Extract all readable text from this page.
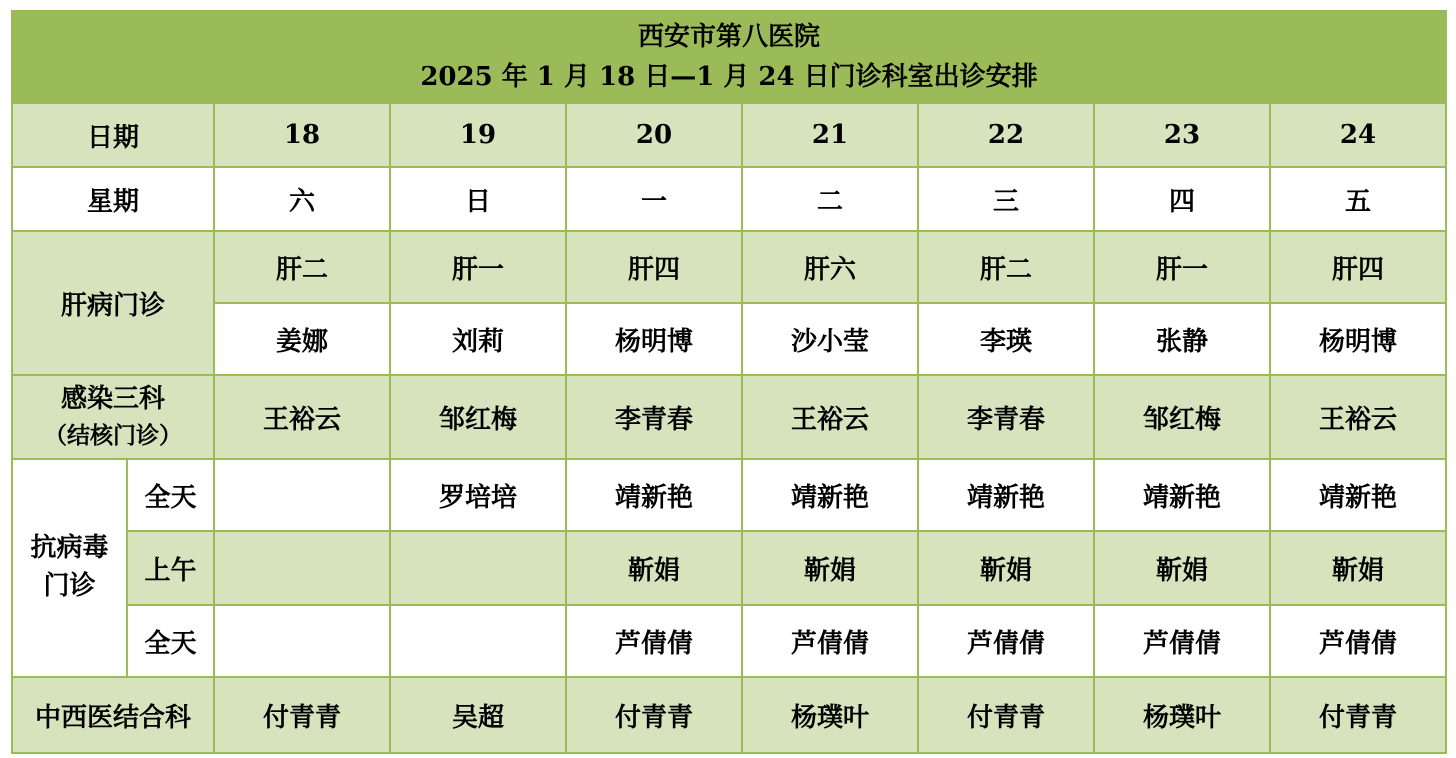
西安市第八医院
2025 年 1 月 18 日—1 月 24 日门诊科室出诊安排								

日期		18	19	20	21	22	23	24
星期		六	日	一	二	三	四	五
肝病门诊		肝二	肝一	肝四	肝六	肝二	肝一	肝四
		姜娜	刘莉	杨明博	沙小莹	李瑛	张静	杨明博

感染三科
（结核门诊）		王裕云	邹红梅	李青春	王裕云	李青春	邹红梅	王裕云

抗病毒
门诊	全天		罗培培	靖新艳	靖新艳	靖新艳	靖新艳	靖新艳
	上午			靳娟	靳娟	靳娟	靳娟	靳娟
	全天			芦倩倩	芦倩倩	芦倩倩	芦倩倩	芦倩倩
中西医结合科		付青青	吴超	付青青	杨璞叶	付青青	杨璞叶	付青青
